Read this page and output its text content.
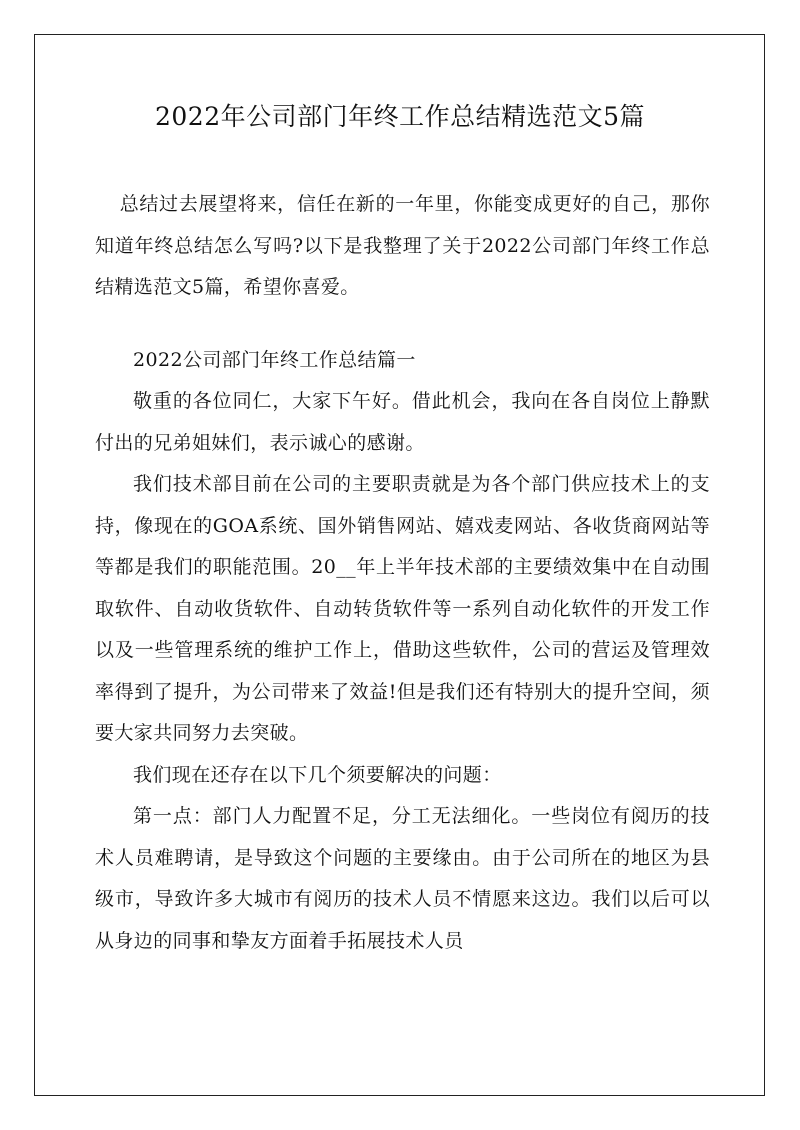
2022年公司部门年终工作总结精选范文5篇

总结过去展望将来，信任在新的一年里，你能变成更好的自己，那你知道年终总结怎么写吗?以下是我整理了关于2022公司部门年终工作总结精选范文5篇，希望你喜爱。

2022公司部门年终工作总结篇一

敬重的各位同仁，大家下午好。借此机会，我向在各自岗位上静默付出的兄弟姐妹们，表示诚心的感谢。

我们技术部目前在公司的主要职责就是为各个部门供应技术上的支持，像现在的GOA系统、国外销售网站、嬉戏麦网站、各收货商网站等等都是我们的职能范围。20__年上半年技术部的主要绩效集中在自动围取软件、自动收货软件、自动转货软件等一系列自动化软件的开发工作以及一些管理系统的维护工作上，借助这些软件，公司的营运及管理效率得到了提升，为公司带来了效益!但是我们还有特别大的提升空间，须要大家共同努力去突破。

我们现在还存在以下几个须要解决的问题：

第一点：部门人力配置不足，分工无法细化。一些岗位有阅历的技术人员难聘请，是导致这个问题的主要缘由。由于公司所在的地区为县级市，导致许多大城市有阅历的技术人员不情愿来这边。我们以后可以从身边的同事和挚友方面着手拓展技术人员
